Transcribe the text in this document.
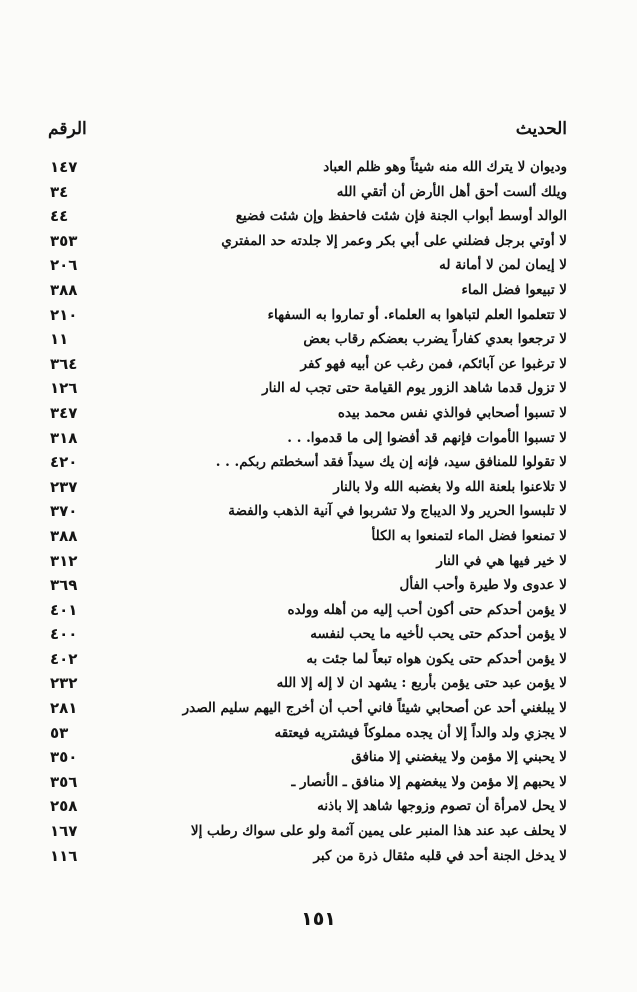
الحديث
الرقم
وديوان لا يترك الله منه شيئاً وهو ظلم العباد
١٤٧
ويلك ألست أحق أهل الأرض أن أتقي الله
٣٤
الوالد أوسط أبواب الجنة فإن شئت فاحفظ وإن شئت فضيع
٤٤
لا أوتي برجل فضلني على أبي بكر وعمر إلا جلدته حد المفتري
٣٥٣
لا إيمان لمن لا أمانة له
٢٠٦
لا تبيعوا فضل الماء
٣٨٨
لا تتعلموا العلم لتباهوا به العلماء. أو تماروا به السفهاء
٢١٠
لا ترجعوا بعدي كفاراً يضرب بعضكم رقاب بعض
١١
لا ترغبوا عن آبائكم، فمن رغب عن أبيه فهو كفر
٣٦٤
لا تزول قدما شاهد الزور يوم القيامة حتى تجب له النار
١٢٦
لا تسبوا أصحابي فوالذي نفس محمد بيده
٣٤٧
لا تسبوا الأموات فإنهم قد أفضوا إلى ما قدموا. . .
٣١٨
لا تقولوا للمنافق سيد، فإنه إن يك سيداً فقد أسخطتم ربكم. . .
٤٢٠
لا تلاعنوا بلعنة الله ولا بغضبه الله ولا بالنار
٢٣٧
لا تلبسوا الحرير ولا الديباج ولا تشربوا في آنية الذهب والفضة
٣٧٠
لا تمنعوا فضل الماء لتمنعوا به الكلأ
٣٨٨
لا خير فيها هي في النار
٣١٢
لا عدوى ولا طيرة وأحب الفأل
٣٦٩
لا يؤمن أحدكم حتى أكون أحب إليه من أهله وولده
٤٠١
لا يؤمن أحدكم حتى يحب لأخيه ما يحب لنفسه
٤٠٠
لا يؤمن أحدكم حتى يكون هواه تبعاً لما جئت به
٤٠٢
لا يؤمن عبد حتى يؤمن بأربع : يشهد ان لا إله إلا الله
٢٣٢
لا يبلغني أحد عن أصحابي شيئاً فاني أحب أن أخرج اليهم سليم الصدر
٢٨١
لا يجزي ولد والداً إلا أن يجده مملوكاً فيشتريه فيعتقه
٥٣
لا يحبني إلا مؤمن ولا يبغضني إلا منافق
٣٥٠
لا يحبهم إلا مؤمن ولا يبغضهم إلا منافق ـ الأنصار ـ
٣٥٦
لا يحل لامرأة أن تصوم وزوجها شاهد إلا باذنه
٢٥٨
لا يحلف عبد عند هذا المنبر على يمين آثمة ولو على سواك رطب إلا
١٦٧
لا يدخل الجنة أحد في قلبه مثقال ذرة من كبر
١١٦
١٥١
